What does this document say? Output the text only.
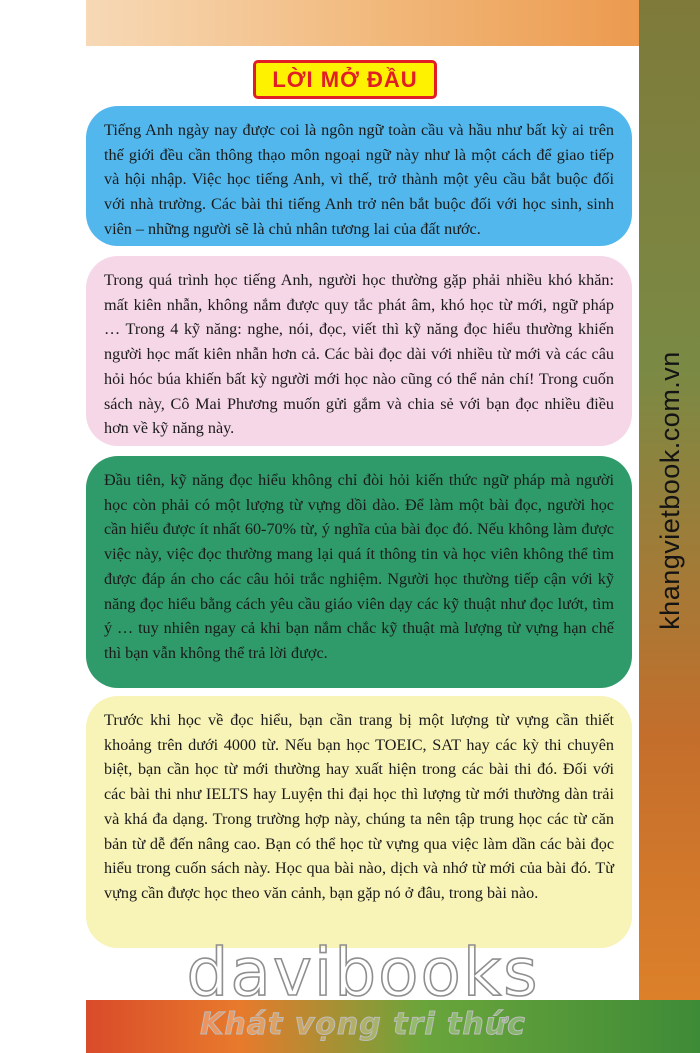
khangvietbook.com.vn
LỜI MỞ ĐẦU

Tiếng Anh ngày nay được coi là ngôn ngữ toàn cầu và hầu như bất kỳ ai trên thế giới đều cần thông thạo môn ngoại ngữ này như là một cách để giao tiếp và hội nhập. Việc học tiếng Anh, vì thế, trở thành một yêu cầu bắt buộc đối với nhà trường. Các bài thi tiếng Anh trở nên bắt buộc đối với học sinh, sinh viên – những người sẽ là chủ nhân tương lai của đất nước.

Trong quá trình học tiếng Anh, người học thường gặp phải nhiều khó khăn: mất kiên nhẫn, không nắm được quy tắc phát âm, khó học từ mới, ngữ pháp … Trong 4 kỹ năng: nghe, nói, đọc, viết thì kỹ năng đọc hiểu thường khiến người học mất kiên nhẫn hơn cả. Các bài đọc dài với nhiều từ mới và các câu hỏi hóc búa khiến bất kỳ người mới học nào cũng có thể nản chí! Trong cuốn sách này, Cô Mai Phương muốn gửi gắm và chia sẻ với bạn đọc nhiều điều hơn về kỹ năng này.

Đầu tiên, kỹ năng đọc hiểu không chỉ đòi hỏi kiến thức ngữ pháp mà người học còn phải có một lượng từ vựng dồi dào. Để làm một bài đọc, người học cần hiểu được ít nhất 60-70% từ, ý nghĩa của bài đọc đó. Nếu không làm được việc này, việc đọc thường mang lại quá ít thông tin và học viên không thể tìm được đáp án cho các câu hỏi trắc nghiệm. Người học thường tiếp cận với kỹ năng đọc hiểu bằng cách yêu cầu giáo viên dạy các kỹ thuật như đọc lướt, tìm ý … tuy nhiên ngay cả khi bạn nắm chắc kỹ thuật mà lượng từ vựng hạn chế thì bạn vẫn không thể trả lời được.

Trước khi học về đọc hiểu, bạn cần trang bị một lượng từ vựng cần thiết khoảng trên dưới 4000 từ. Nếu bạn học TOEIC, SAT hay các kỳ thi chuyên biệt, bạn cần học từ mới thường hay xuất hiện trong các bài thi đó. Đối với các bài thi như IELTS hay Luyện thi đại học thì lượng từ mới thường dàn trải và khá đa dạng. Trong trường hợp này, chúng ta nên tập trung học các từ căn bản từ dễ đến nâng cao. Bạn có thể học từ vựng qua việc làm dần các bài đọc hiểu trong cuốn sách này. Học qua bài nào, dịch và nhớ từ mới của bài đó. Từ vựng cần được học theo văn cảnh, bạn gặp nó ở đâu, trong bài nào.

davibooks
Khát vọng tri thức
